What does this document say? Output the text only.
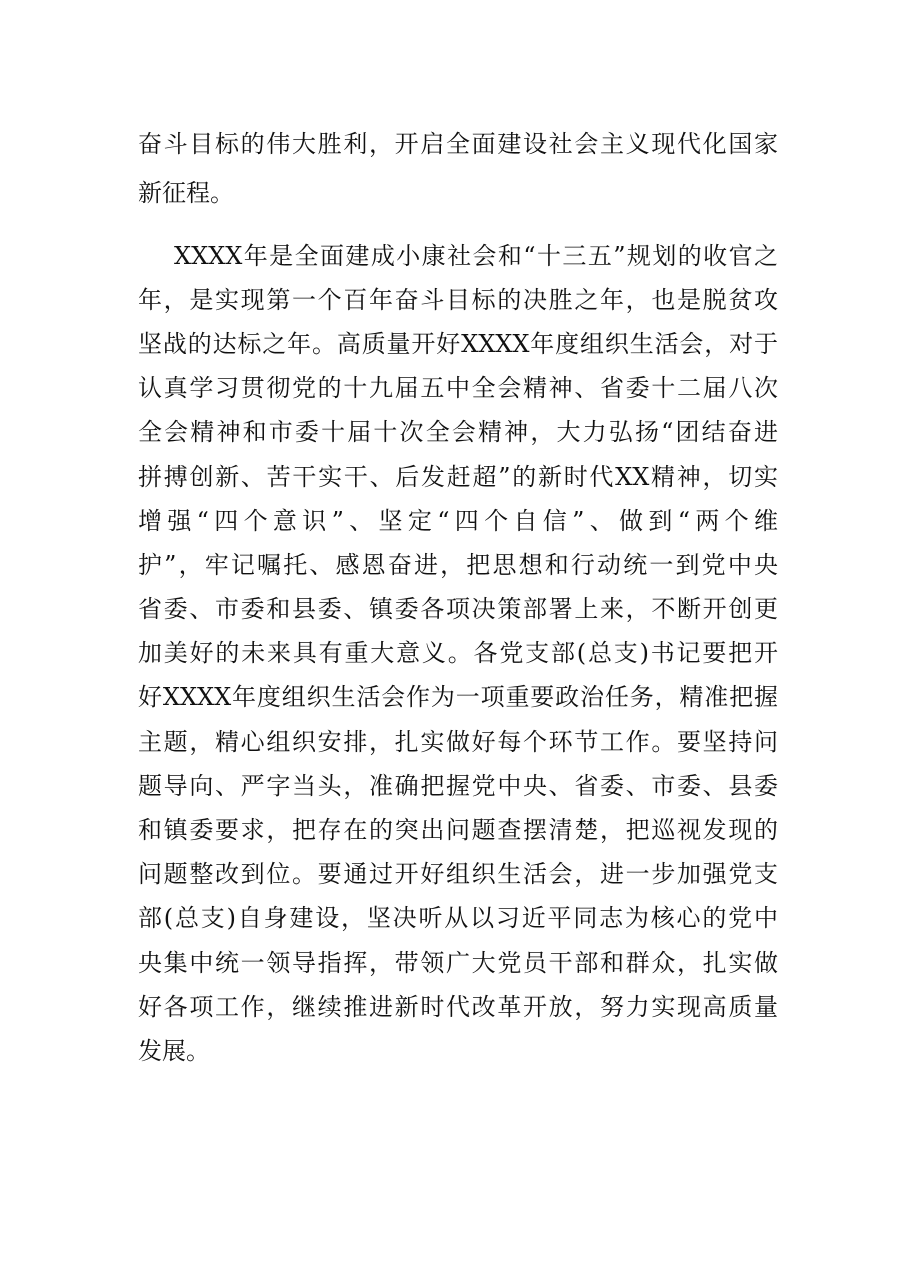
奋斗目标的伟大胜利，开启全面建设社会主义现代化国家
新征程。
XXXX年是全面建成小康社会和“十三五”规划的收官之
年，是实现第一个百年奋斗目标的决胜之年，也是脱贫攻
坚战的达标之年。高质量开好XXXX年度组织生活会，对于
认真学习贯彻党的十九届五中全会精神、省委十二届八次
全会精神和市委十届十次全会精神，大力弘扬“团结奋进
拼搏创新、苦干实干、后发赶超”的新时代XX精神，切实
增强“四个意识”、坚定“四个自信”、做到“两个维
护”，牢记嘱托、感恩奋进，把思想和行动统一到党中央
省委、市委和县委、镇委各项决策部署上来，不断开创更
加美好的未来具有重大意义。各党支部(总支)书记要把开
好XXXX年度组织生活会作为一项重要政治任务，精准把握
主题，精心组织安排，扎实做好每个环节工作。要坚持问
题导向、严字当头，准确把握党中央、省委、市委、县委
和镇委要求，把存在的突出问题查摆清楚，把巡视发现的
问题整改到位。要通过开好组织生活会，进一步加强党支
部(总支)自身建设，坚决听从以习近平同志为核心的党中
央集中统一领导指挥，带领广大党员干部和群众，扎实做
好各项工作，继续推进新时代改革开放，努力实现高质量
发展。
